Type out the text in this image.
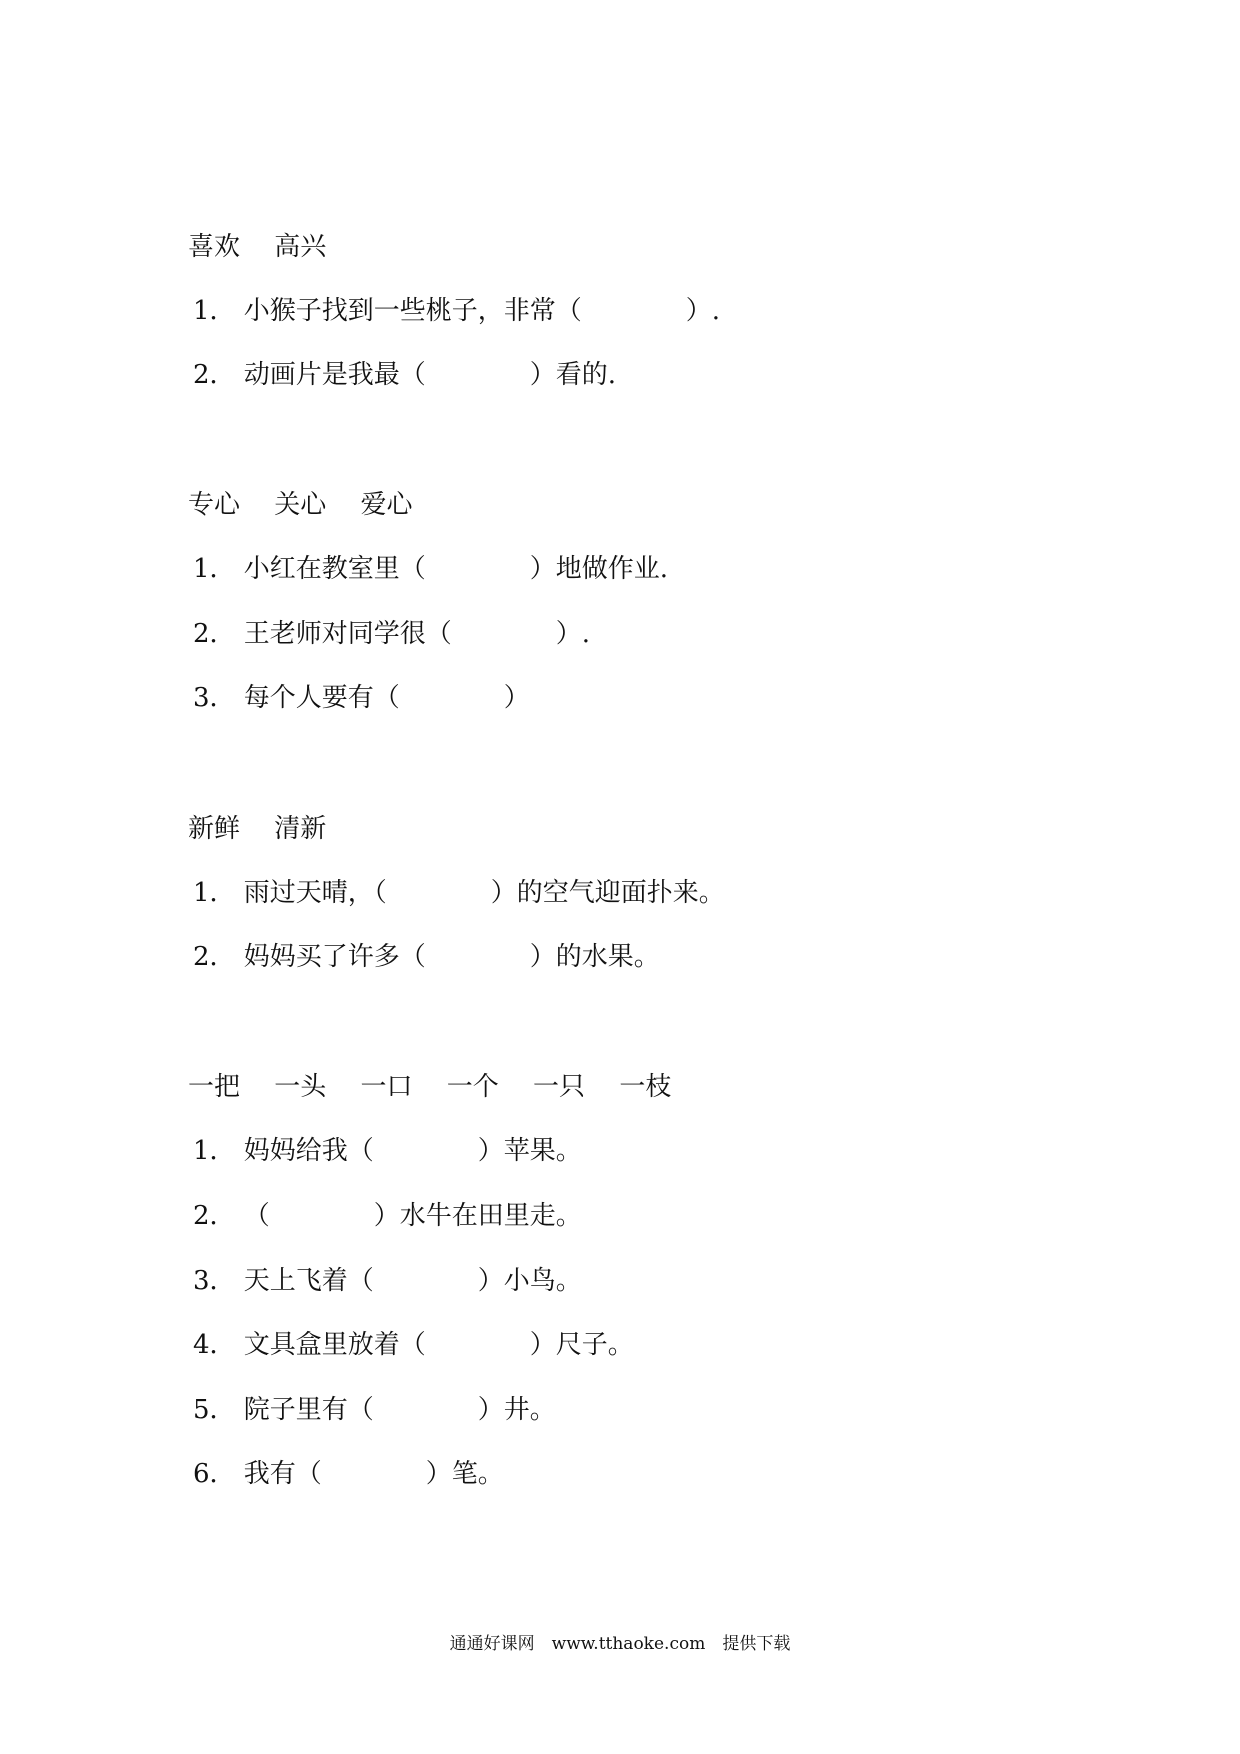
喜欢　 高兴
1． 小猴子找到一些桃子，非常（　　　　）.
2． 动画片是我最（　　　　）看的.
专心　 关心　 爱心
1． 小红在教室里（　　　　）地做作业.
2． 王老师对同学很（　　　　）.
3． 每个人要有（　　　　）
新鲜　 清新
1． 雨过天晴，（　　　　）的空气迎面扑来。
2． 妈妈买了许多（　　　　）的水果。
一把　 一头　 一口　 一个　 一只　 一枝
1． 妈妈给我（　　　　）苹果。
2． （　　　　）水牛在田里走。
3． 天上飞着（　　　　）小鸟。
4． 文具盒里放着（　　　　）尺子。
5． 院子里有（　　　　）井。
6． 我有（　　　　）笔。
通通好课网　www.tthaoke.com　提供下载
